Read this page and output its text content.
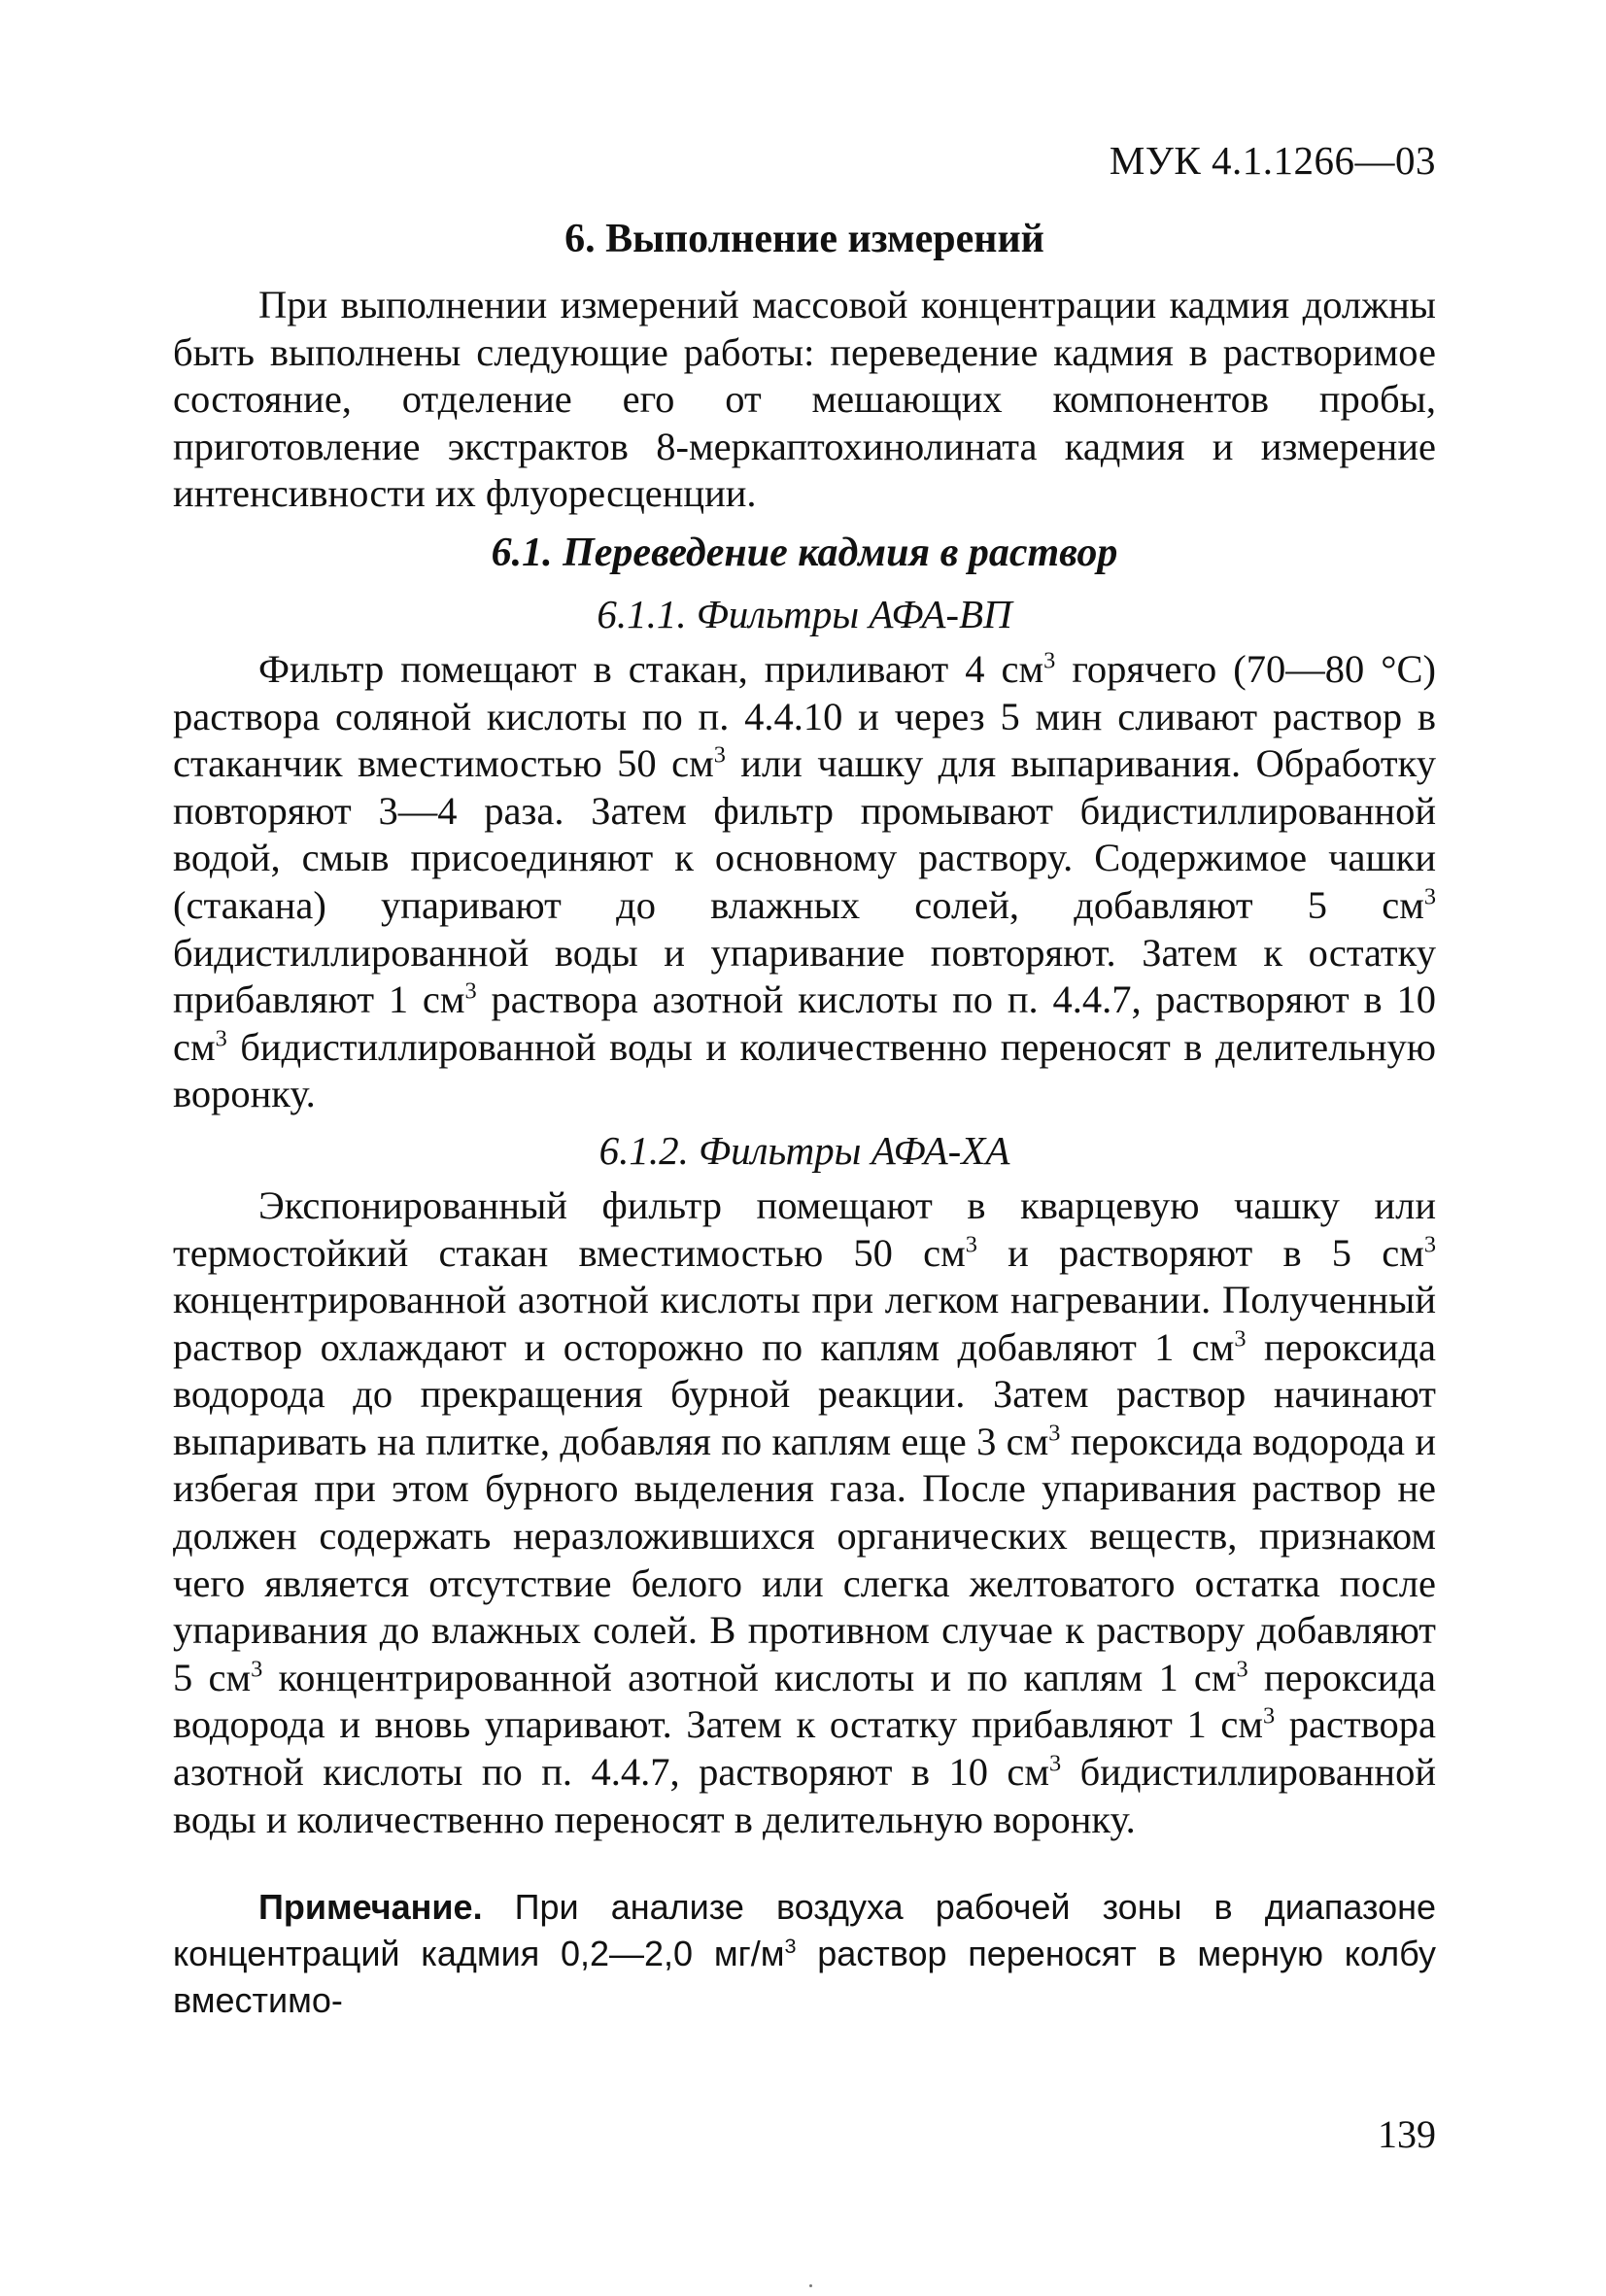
МУК 4.1.1266—03
6. Выполнение измерений

При выполнении измерений массовой концентрации кадмия должны быть выполнены следующие работы: переведение кадмия в растворимое состояние, отделение его от мешающих компонентов пробы, приготовление экстрактов 8-меркаптохинолината кадмия и измерение интенсивности их флуоресценции.

6.1. Переведение кадмия в раствор
6.1.1. Фильтры АФА-ВП

Фильтр помещают в стакан, приливают 4 $см^3$ горячего (70—80 °С) раствора соляной кислоты по п. 4.4.10 и через 5 мин сливают раствор в стаканчик вместимостью 50 $см^3$ или чашку для выпаривания. Обработку повторяют 3—4 раза. Затем фильтр промывают бидистиллированной водой, смыв присоединяют к основному раствору. Содержимое чашки (стакана) упаривают до влажных солей, добавляют 5 $см^3$ бидистиллированной воды и упаривание повторяют. Затем к остатку прибавляют 1 $см^3$ раствора азотной кислоты по п. 4.4.7, растворяют в 10 $см^3$ бидистиллированной воды и количественно переносят в делительную воронку.

6.1.2. Фильтры АФА-ХА

Экспонированный фильтр помещают в кварцевую чашку или термостойкий стакан вместимостью 50 $см^3$ и растворяют в 5 $см^3$ концентрированной азотной кислоты при легком нагревании. Полученный раствор охлаждают и осторожно по каплям добавляют 1 $см^3$ пероксида водорода до прекращения бурной реакции. Затем раствор начинают выпаривать на плитке, добавляя по каплям еще 3 $см^3$ пероксида водорода и избегая при этом бурного выделения газа. После упаривания раствор не должен содержать неразложившихся органических веществ, признаком чего является отсутствие белого или слегка желтоватого остатка после упаривания до влажных солей. В противном случае к раствору добавляют 5 $см^3$ концентрированной азотной кислоты и по каплям 1 $см^3$ пероксида водорода и вновь упаривают. Затем к остатку прибавляют 1 $см^3$ раствора азотной кислоты по п. 4.4.7, растворяют в 10 $см^3$ бидистиллированной воды и количественно переносят в делительную воронку.

Примечание. При анализе воздуха рабочей зоны в диапазоне концентраций кадмия 0,2—2,0 $мг/м^3$ раствор переносят в мерную колбу вместимо-

139
